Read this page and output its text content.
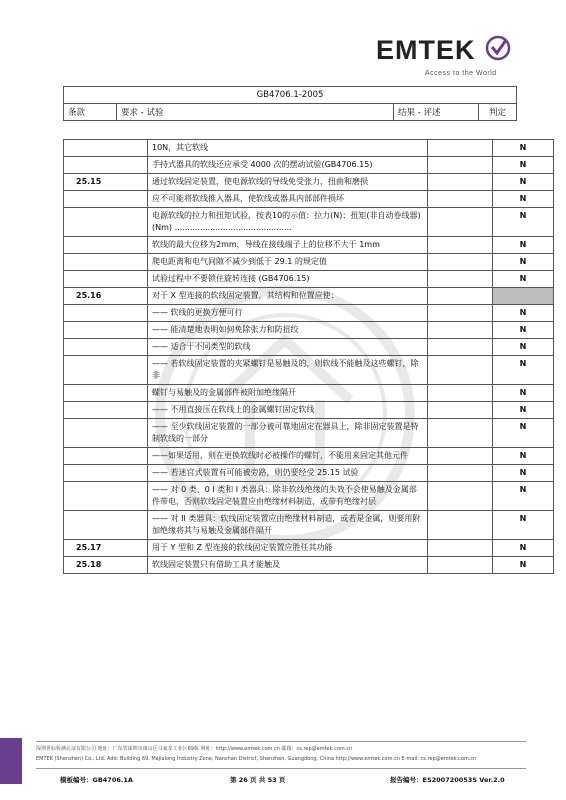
EMTEK
Access to the World
GB4706.1-2005
条款	要求 - 试验	结果 - 评述	判定
	10N，其它软线		N
	手持式器具的软线还应承受 4000 次的摆动试验(GB4706.15)		N
25.15	通过软线固定装置，使电源软线的导线免受张力，扭曲和磨损		N
	应不可能将软线推入器具，使软线或器具内部部件损坏		N
	电源软线的拉力和扭矩试验，按表10的示值：拉力(N)；扭矩(非自动卷线器)(Nm) ..............................................		N
	软线的最大位移为2mm，导线在接线端子上的位移不大于 1mm		N
	爬电距离和电气间隙不减少到低于 29.1 的规定值		N
	试验过程中不要锁住旋转连接 (GB4706.15)		N
25.16	对于 X 型连接的软线固定装置，其结构和位置应使：		
	—— 软线的更换方便可行		N
	—— 能清楚地表明如何免除张力和防扭绞		N
	—— 适合于不同类型的软线		N
	—— 若软线固定装置的夹紧螺钉是易触及的，则软线不能触及这些螺钉，除非		N
	螺钉与易触及的金属部件被附加绝缘隔开		N
	—— 不用直接压在软线上的金属螺钉固定软线		N
	—— 至少软线固定装置的一部分被可靠地固定在器具上，除非固定装置是特制软线的一部分		N
	——如果适用，则在更换软线时必被操作的螺钉，不能用来固定其他元件		N
	—— 若迷宫式装置有可能被旁路，则仍要经受 25.15 试验		N
	—— 对 0 类、0 I 类和 I 类器具：除非软线绝缘的失效不会使易触及金属部件带电，否则软线固定装置应由绝缘材料制造，或带有绝缘衬层		N
	—— 对 II 类器具：软线固定装置应由绝缘材料制造，或若是金属，则要用附加绝缘将其与易触及金属部件隔开		N
25.17	用于 Y 型和 Z 型连接的软线固定装置应胜任其功能		N
25.18	软线固定装置只有借助工具才能触及		N
深圳世标检测认证有限公司 地址：广东省深圳市南山区马家龙工业区69栋 网址：http://www.emtek.com.cn 邮箱：cs.rep@emtek.com.cn
EMTEK (Shenzhen) Co., Ltd. Add: Building 69, Majialong Industry Zone, Nanshan District, Shenzhen, Guangdong, China http://www.emtek.com.cn E-mail: cs.rep@emtek.com.cn
模板编号：GB4706.1A	第 26 页 共 53 页	报告编号：ES200720053S Ver.2.0
